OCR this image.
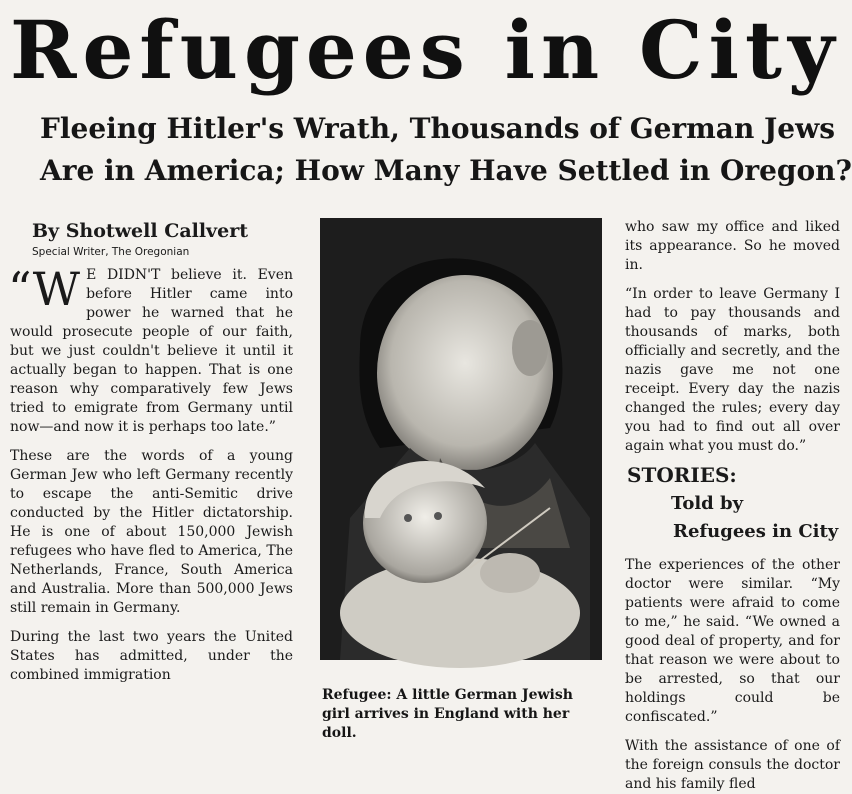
Refugees in City
Fleeing Hitler's Wrath, Thousands of German Jews
Are in America; How Many Have Settled in Oregon?
By Shotwell Callvert
Special Writer, The Oregonian

“W E DIDN'T believe it. Even before Hitler came into power he warned that he would prosecute people of our faith, but we just couldn't believe it until it actually began to happen. That is one reason why comparatively few Jews tried to emigrate from Germany until now—and now it is perhaps too late.”

These are the words of a young German Jew who left Germany recently to escape the anti-Semitic drive conducted by the Hitler dictatorship. He is one of about 150,000 Jewish refugees who have fled to America, The Netherlands, France, South America and Australia. More than 500,000 Jews still remain in Germany.

During the last two years the United States has admitted, under the combined immigration

Refugee: A little German Jewish girl arrives in England with her doll.

who saw my office and liked its appearance. So he moved in.

“In order to leave Germany I had to pay thousands and thousands of marks, both officially and secretly, and the nazis gave me not one receipt. Every day the nazis changed the rules; every day you had to find out all over again what you must do.”

STORIES:
Told by
Refugees in City

The experiences of the other doctor were similar. “My patients were afraid to come to me,” he said. “We owned a good deal of property, and for that reason we were about to be arrested, so that our holdings could be confiscated.”

With the assistance of one of the foreign consuls the doctor and his family fled
